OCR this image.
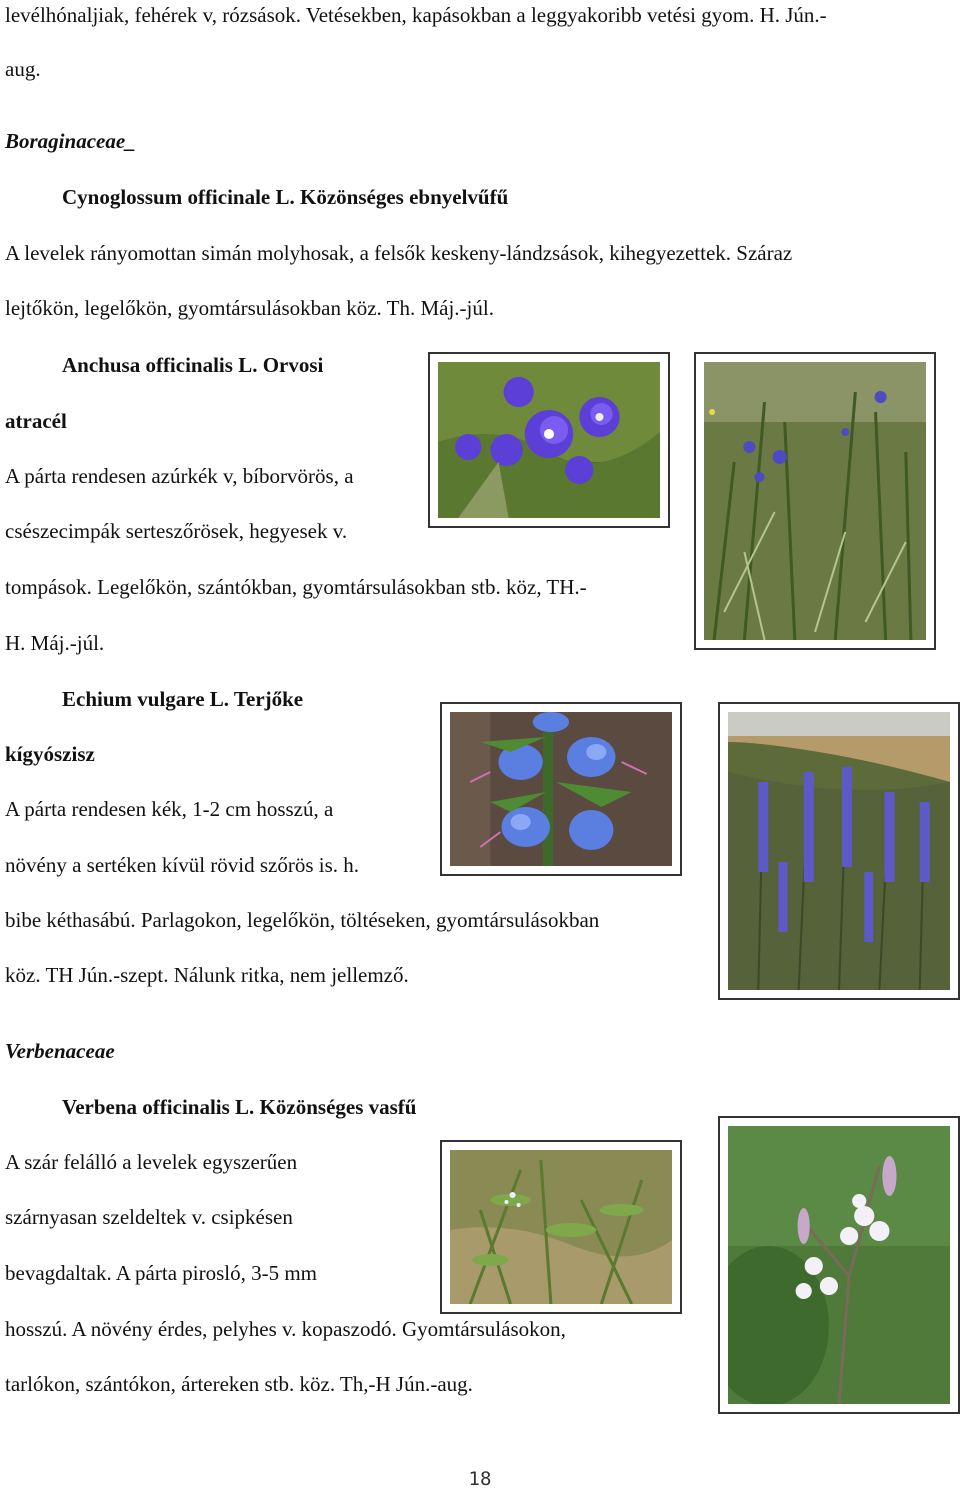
levélhónaljiak, fehérek v, rózsások. Vetésekben, kapásokban a leggyakoribb vetési gyom. H. Jún.-
aug.
Boraginaceae_
Cynoglossum officinale L. Közönséges ebnyelvűfű
A levelek rányomottan simán molyhosak, a felsők keskeny-lándzsások, kihegyezettek. Száraz
lejtőkön, legelőkön, gyomtársulásokban köz. Th. Máj.-júl.
Anchusa officinalis L. Orvosi
atracél
A párta rendesen azúrkék v, bíborvörös, a
csészecimpák serteszőrösek, hegyesek v.
tompások. Legelőkön, szántókban, gyomtársulásokban stb. köz, TH.-
H. Máj.-júl.
Echium vulgare L. Terjőke
kígyószisz
A párta rendesen kék, 1-2 cm hosszú, a
növény a sertéken kívül rövid szőrös is. h.
bibe kéthasábú. Parlagokon, legelőkön, töltéseken, gyomtársulásokban
köz. TH Jún.-szept. Nálunk ritka, nem jellemző.
Verbenaceae
Verbena officinalis L. Közönséges vasfű
A szár felálló a levelek egyszerűen
szárnyasan szeldeltek v. csipkésen
bevagdaltak. A párta pirosló, 3-5 mm
hosszú. A növény érdes, pelyhes v. kopaszodó. Gyomtársulásokon,
tarlókon, szántókon, ártereken stb. köz. Th,-H Jún.-aug.
18
